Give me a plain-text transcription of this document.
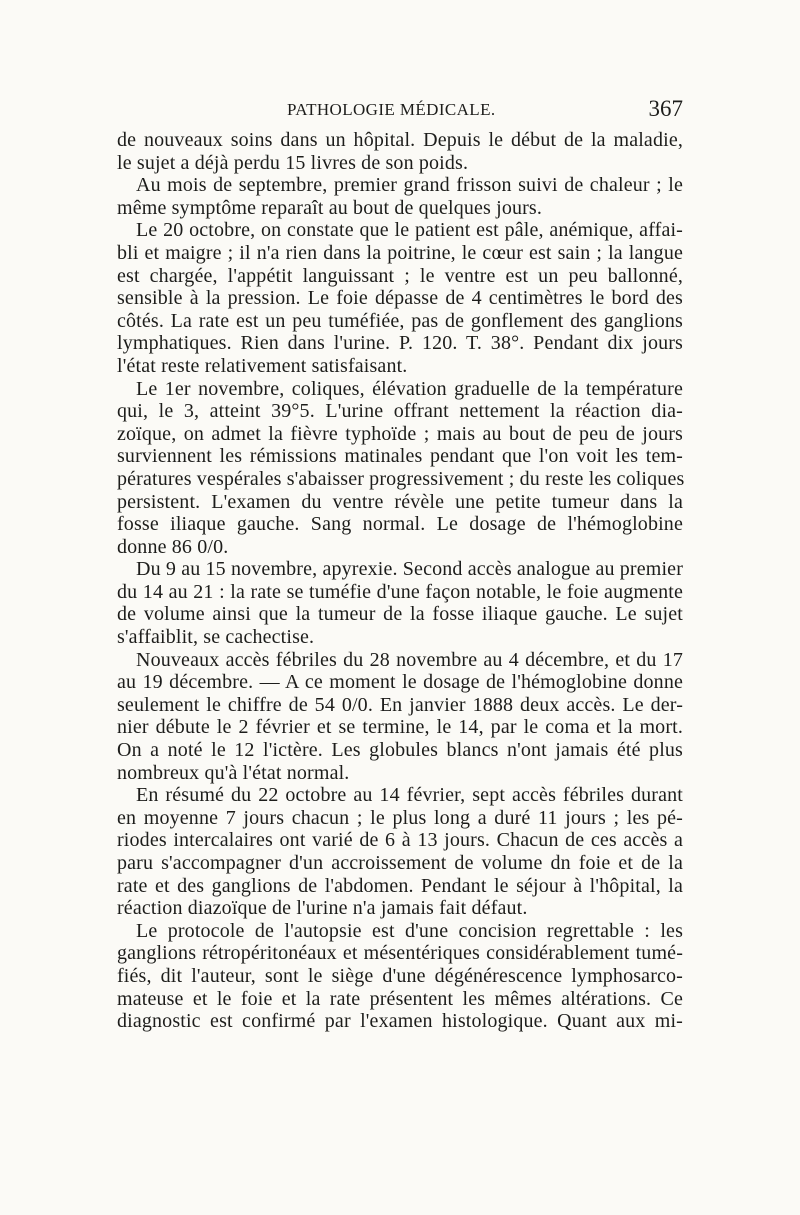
PATHOLOGIE MÉDICALE.	367
de nouveaux soins dans un hôpital. Depuis le début de la maladie,
le sujet a déjà perdu 15 livres de son poids.
Au mois de septembre, premier grand frisson suivi de chaleur ; le
même symptôme reparaît au bout de quelques jours.
Le 20 octobre, on constate que le patient est pâle, anémique, affai-
bli et maigre ; il n'a rien dans la poitrine, le cœur est sain ; la langue
est chargée, l'appétit languissant ; le ventre est un peu ballonné,
sensible à la pression. Le foie dépasse de 4 centimètres le bord des
côtés. La rate est un peu tuméfiée, pas de gonflement des ganglions
lymphatiques. Rien dans l'urine. P. 120. T. 38°. Pendant dix jours
l'état reste relativement satisfaisant.
Le 1er novembre, coliques, élévation graduelle de la température
qui, le 3, atteint 39°5. L'urine offrant nettement la réaction dia-
zoïque, on admet la fièvre typhoïde ; mais au bout de peu de jours
surviennent les rémissions matinales pendant que l'on voit les tem-
pératures vespérales s'abaisser progressivement ; du reste les coliques
persistent. L'examen du ventre révèle une petite tumeur dans la
fosse iliaque gauche. Sang normal. Le dosage de l'hémoglobine
donne 86 0/0.
Du 9 au 15 novembre, apyrexie. Second accès analogue au premier
du 14 au 21 : la rate se tuméfie d'une façon notable, le foie augmente
de volume ainsi que la tumeur de la fosse iliaque gauche. Le sujet
s'affaiblit, se cachectise.
Nouveaux accès fébriles du 28 novembre au 4 décembre, et du 17
au 19 décembre. — A ce moment le dosage de l'hémoglobine donne
seulement le chiffre de 54 0/0. En janvier 1888 deux accès. Le der-
nier débute le 2 février et se termine, le 14, par le coma et la mort.
On a noté le 12 l'ictère. Les globules blancs n'ont jamais été plus
nombreux qu'à l'état normal.
En résumé du 22 octobre au 14 février, sept accès fébriles durant
en moyenne 7 jours chacun ; le plus long a duré 11 jours ; les pé-
riodes intercalaires ont varié de 6 à 13 jours. Chacun de ces accès a
paru s'accompagner d'un accroissement de volume dn foie et de la
rate et des ganglions de l'abdomen. Pendant le séjour à l'hôpital, la
réaction diazoïque de l'urine n'a jamais fait défaut.
Le protocole de l'autopsie est d'une concision regrettable : les
ganglions rétropéritonéaux et mésentériques considérablement tumé-
fiés, dit l'auteur, sont le siège d'une dégénérescence lymphosarco-
mateuse et le foie et la rate présentent les mêmes altérations. Ce
diagnostic est confirmé par l'examen histologique. Quant aux mi-
